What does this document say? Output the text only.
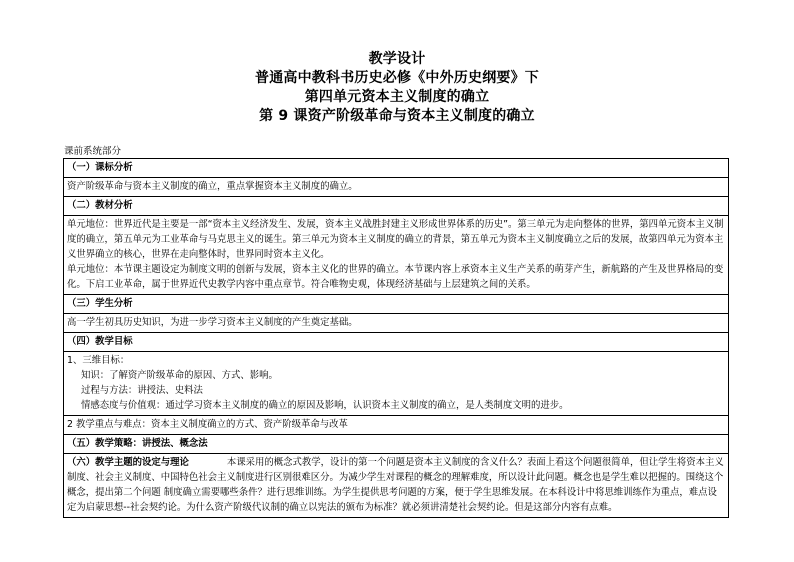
教学设计
普通高中教科书历史必修《中外历史纲要》下
第四单元资本主义制度的确立
第 9 课资产阶级革命与资本主义制度的确立
课前系统部分
（一）课标分析
资产阶级革命与资本主义制度的确立，重点掌握资本主义制度的确立。
（二）教材分析

单元地位：世界近代是主要是一部“资本主义经济发生、发展，资本主义战胜封建主义形成世界体系的历史”。第三单元为走向整体的世界，第四单元资本主义制度的确立，第五单元为工业革命与马克思主义的诞生。第三单元为资本主义制度的确立的背景，第五单元为资本主义制度确立之后的发展，故第四单元为资本主义世界确立的核心，世界在走向整体时，世界同时资本主义化。
单元地位：本节课主题设定为制度文明的创新与发展，资本主义化的世界的确立。本节课内容上承资本主义生产关系的萌芽产生，新航路的产生及世界格局的变化。下启工业革命，属于世界近代史教学内容中重点章节。符合唯物史观，体现经济基础与上层建筑之间的关系。

（三）学生分析
高一学生初具历史知识，为进一步学习资本主义制度的产生奠定基础。
（四）教学目标

1、三维目标：
知识：了解资产阶级革命的原因、方式、影响。
过程与方法：讲授法、史料法
情感态度与价值观：通过学习资本主义制度的确立的原因及影响，认识资本主义制度的确立，是人类制度文明的进步。

2 教学重点与难点：资本主义制度确立的方式、资产阶级革命与改革
（五）教学策略：讲授法、概念法
（六）教学主题的设定与理论	本课采用的概念式教学，设计的第一个问题是资本主义制度的含义什么？表面上看这个问题很简单，但让学生将资本主义制度、社会主义制度、中国特色社会主义制度进行区别很难区分。为减少学生对课程的概念的理解难度，所以设计此问题。概念也是学生难以把握的。围绕这个概念，提出第二个问题 制度确立需要哪些条件？进行思维训练。为学生提供思考问题的方案，便于学生思维发展。在本科设计中将思维训练作为重点，难点设定为启蒙思想--社会契约论。为什么资产阶级代议制的确立以宪法的颁布为标准？就必须讲清楚社会契约论。但是这部分内容有点难。
